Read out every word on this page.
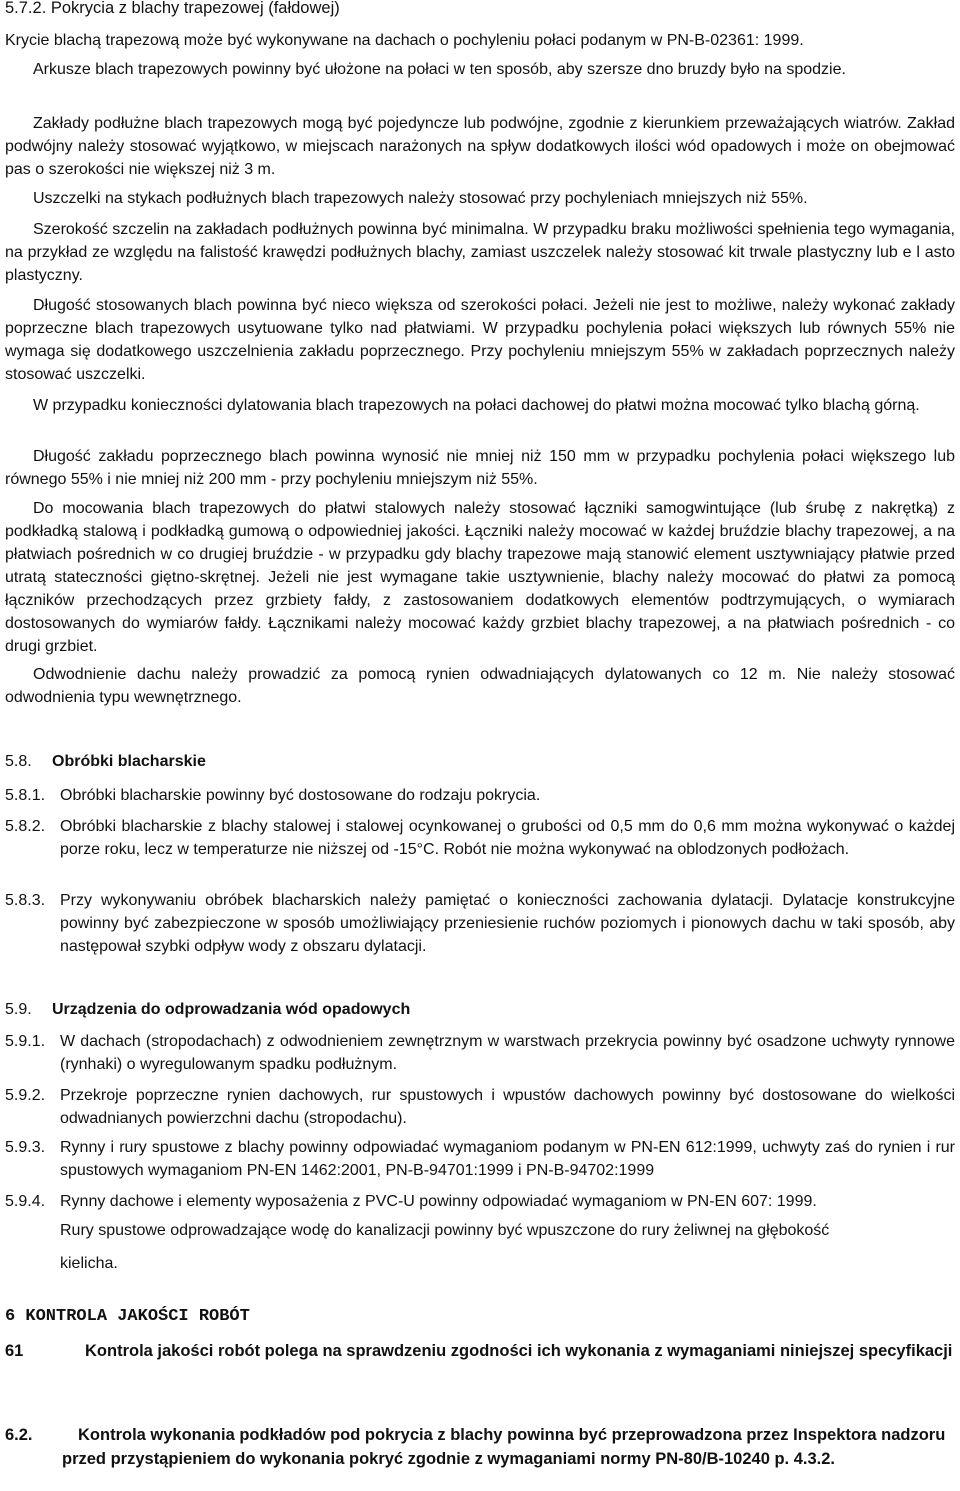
5.7.2. Pokrycia z blachy trapezowej (fałdowej)
Krycie blachą trapezową może być wykonywane na dachach o pochyleniu połaci podanym w PN-B-02361: 1999.
Arkusze blach trapezowych powinny być ułożone na połaci w ten sposób, aby szersze dno bruzdy było na spodzie.
Zakłady podłużne blach trapezowych mogą być pojedyncze lub podwójne, zgodnie z kierunkiem przeważających wiatrów. Zakład podwójny należy stosować wyjątkowo, w miejscach narażonych na spływ dodatkowych ilości wód opadowych i może on obejmować pas o szerokości nie większej niż 3 m.
Uszczelki na stykach podłużnych blach trapezowych należy stosować przy pochyleniach mniejszych niż 55%.
Szerokość szczelin na zakładach podłużnych powinna być minimalna. W przypadku braku możliwości spełnienia tego wymagania, na przykład ze względu na falistość krawędzi podłużnych blachy, zamiast uszczelek należy stosować kit trwale plastyczny lub e l asto plastyczny.
Długość stosowanych blach powinna być nieco większa od szerokości połaci. Jeżeli nie jest to możliwe, należy wykonać zakłady poprzeczne blach trapezowych usytuowane tylko nad płatwiami. W przypadku pochylenia połaci większych lub równych 55% nie wymaga się dodatkowego uszczelnienia zakładu poprzecznego. Przy pochyleniu mniejszym 55% w zakładach poprzecznych należy stosować uszczelki.
W przypadku konieczności dylatowania blach trapezowych na połaci dachowej do płatwi można mocować tylko blachą górną.
Długość zakładu poprzecznego blach powinna wynosić nie mniej niż 150 mm w przypadku pochylenia połaci większego lub równego 55% i nie mniej niż 200 mm - przy pochyleniu mniejszym niż 55%.
Do mocowania blach trapezowych do płatwi stalowych należy stosować łączniki samogwintujące (lub śrubę z nakrętką) z podkładką stalową i podkładką gumową o odpowiedniej jakości. Łączniki należy mocować w każdej bruździe blachy trapezowej, a na płatwiach pośrednich w co drugiej bruździe - w przypadku gdy blachy trapezowe mają stanowić element usztywniający płatwie przed utratą stateczności giętno-skrętnej. Jeżeli nie jest wymagane takie usztywnienie, blachy należy mocować do płatwi za pomocą łączników przechodzących przez grzbiety fałdy, z zastosowaniem dodatkowych elementów podtrzymujących, o wymiarach dostosowanych do wymiarów fałdy. Łącznikami należy mocować każdy grzbiet blachy trapezowej, a na płatwiach pośrednich - co drugi grzbiet.
Odwodnienie dachu należy prowadzić za pomocą rynien odwadniających dylatowanych co 12 m. Nie należy stosować odwodnienia typu wewnętrznego.
5.8. Obróbki blacharskie
5.8.1. Obróbki blacharskie powinny być dostosowane do rodzaju pokrycia.
5.8.2. Obróbki blacharskie z blachy stalowej i stalowej ocynkowanej o grubości od 0,5 mm do 0,6 mm można wykonywać o każdej porze roku, lecz w temperaturze nie niższej od -15°C. Robót nie można wykonywać na oblodzonych podłożach.
5.8.3. Przy wykonywaniu obróbek blacharskich należy pamiętać o konieczności zachowania dylatacji. Dylatacje konstrukcyjne powinny być zabezpieczone w sposób umożliwiający przeniesienie ruchów poziomych i pionowych dachu w taki sposób, aby następował szybki odpływ wody z obszaru dylatacji.
5.9. Urządzenia do odprowadzania wód opadowych
5.9.1. W dachach (stropodachach) z odwodnieniem zewnętrznym w warstwach przekrycia powinny być osadzone uchwyty rynnowe (rynhaki) o wyregulowanym spadku podłużnym.
5.9.2. Przekroje poprzeczne rynien dachowych, rur spustowych i wpustów dachowych powinny być dostosowane do wielkości odwadnianych powierzchni dachu (stropodachu).
5.9.3. Rynny i rury spustowe z blachy powinny odpowiadać wymaganiom podanym w PN-EN 612:1999, uchwyty zaś do rynien i rur spustowych wymaganiom PN-EN 1462:2001, PN-B-94701:1999 i PN-B-94702:1999
5.9.4. Rynny dachowe i elementy wyposażenia z PVC-U powinny odpowiadać wymaganiom w PN-EN 607: 1999.
Rury spustowe odprowadzające wodę do kanalizacji powinny być wpuszczone do rury żeliwnej na głębokość
kielicha.
6 KONTROLA JAKOŚCI ROBÓT
61	Kontrola jakości robót polega na sprawdzeniu zgodności ich wykonania z wymaganiami niniejszej specyfikacji
6.2.	Kontrola wykonania podkładów pod pokrycia z blachy powinna być przeprowadzona przez Inspektora nadzoru przed przystąpieniem do wykonania pokryć zgodnie z wymaganiami normy PN-80/B-10240 p. 4.3.2.
